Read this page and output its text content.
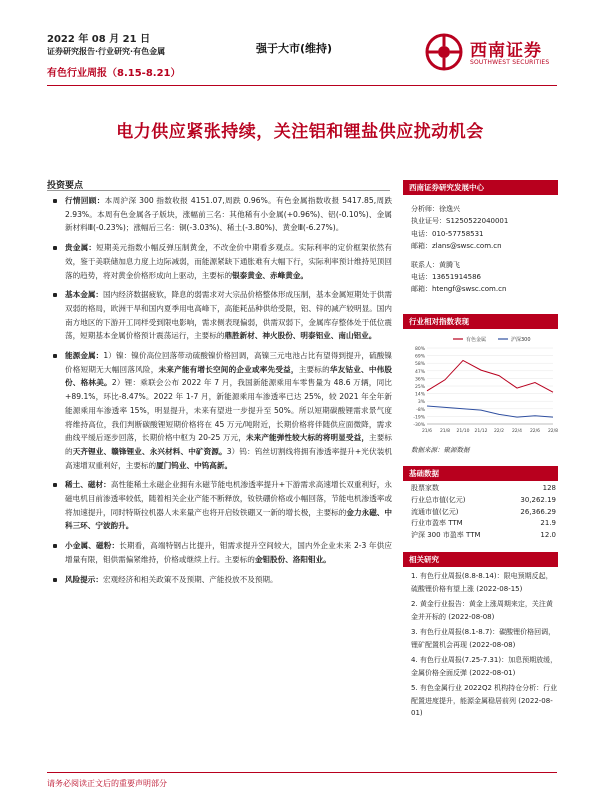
2022 年 08 月 21 日
证券研究报告·行业研究·有色金属
有色行业周报（8.15-8.21）
强于大市(维持)	西南证券
SOUTHWEST SECURITIES
电力供应紧张持续，关注铝和锂盐供应扰动机会
投资要点
行情回顾：本周沪深 300 指数收报 4151.07,周跌 0.96%。有色金属指数收报 5417.85,周跌 2.93%。本周有色金属各子版块，涨幅前三名：其他稀有小金属(+0.96%)、铝(-0.10%)、金属新材料Ⅲ(-0.23%)；涨幅后三名：铜(-3.03%)、稀土(-3.80%)、黄金Ⅲ(-6.27%)。
贵金属：短期美元指数小幅反弹压制黄金，不改金价中期看多观点。实际利率的定价框架依然有效，鉴于美联储加息力度上边际减弱，而能源紧缺下通胀难有大幅下行，实际利率预计维持见顶回落的趋势，将对黄金价格形成向上驱动，主要标的银泰黄金、赤峰黄金。
基本金属：国内经济数据疲软，降息的弱需求对大宗品价格整体形成压制，基本金属短期处于供需双弱的格局，欧洲干旱和国内夏季用电高峰下，高能耗品种供给受限，铝、锌的减产较明显。国内南方地区的下游开工同样受到限电影响，需求侧表现偏弱，供需双弱下，金属库存整体处于低位震荡，短期基本金属价格预计震荡运行，主要标的鼎胜新材、神火股份、明泰铝业、南山铝业。
能源金属：1）镍：镍价高位回落带动硫酸镍价格回调，高镍三元电池占比有望得到提升，硫酸镍价格短期无大幅回落风险，未来产能有增长空间的企业或率先受益，主要标的华友钴业、中伟股份、格林美。2）锂：乘联会公布 2022 年 7 月，我国新能源乘用车零售量为 48.6 万辆，同比+89.1%，环比-8.47%。2022 年 1-7 月，新能源乘用车渗透率已达 25%，较 2021 年全年新能源乘用车渗透率 15%，明显提升，未来有望进一步提升至 50%。所以短期碳酸锂需求景气度将维持高位，我们判断碳酸锂短期价格将在 45 万元/吨附近，长期价格将伴随供应面微降，需求曲线平缓后逐步回落，长期价格中枢为 20-25 万元，未来产能弹性较大标的将明显受益，主要标的天齐锂业、赣锋锂业、永兴材料、中矿资源。3）钨：钨丝切割线将拥有渗透率提升+光伏装机高速增双重利好，主要标的厦门钨业、中钨高新。
稀土、磁材：高性能稀土永磁企业拥有永磁节能电机渗透率提升+下游需求高速增长双重利好，永磁电机目前渗透率较低，随着相关企业产能不断释放，钕铁硼价格或小幅回落，节能电机渗透率或将加速提升，同时特斯拉机器人未来量产也将开启钕铁硼又一新的增长极，主要标的金力永磁、中科三环、宁波韵升。
小金属、磁粉：长期看，高端特钢占比提升，钼需求提升空间较大，国内外企业未来 2-3 年供应增量有限，钼供需偏紧维持，价格或继续上行。主要标的金钼股份、洛阳钼业。
风险提示：宏观经济和相关政策不及预期、产能投放不及预期。
西南证券研究发展中心
分析师：徐逸兴
执业证号：S1250522040001
电话：010-57758531
邮箱：zlans@swsc.com.cn
联系人：黄腾飞
电话：13651914586
邮箱：htengf@swsc.com.cn
行业相对指数表现
-30%
-19%
-8%
3%
14%
25%
36%
47%
58%
69%
80%
21/6 21/8 21/10 21/12 22/2 22/4 22/6 22/8
有色金属	沪深300
数据来源：聚源数据
基础数据
股票家数	128
行业总市值(亿元)	30,262.19
流通市值(亿元)	26,366.29
行业市盈率 TTM	21.9
沪深 300 市盈率 TTM	12.0
相关研究
1. 有色行业周报(8.8-8.14)：限电预期反起，硫酸锂价格有望上涨 (2022-08-15)
2. 黄金行业报告：黄金上涨周期来定，关注黄金并开标的 (2022-08-08)
3. 有色行业周报(8.1-8.7)：碳酸锂价格回调，锂矿配置机会再现 (2022-08-08)
4. 有色行业周报(7.25-7.31)：加息预期放缓，金属价格全面反弹 (2022-08-01)
5. 有色金属行业 2022Q2 机构持仓分析：行业配置进度提升，能源金属稳居前列 (2022-08-01)
请务必阅读正文后的重要声明部分
